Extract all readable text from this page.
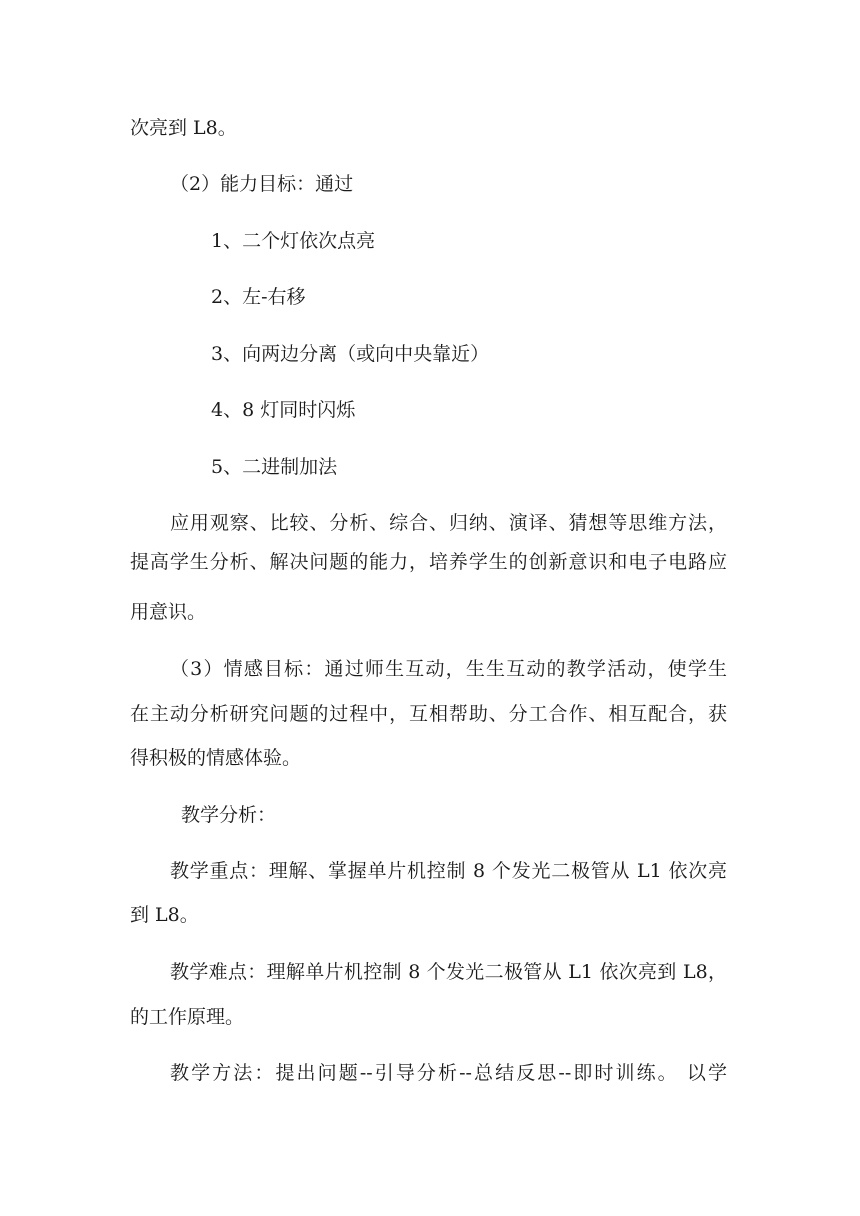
次亮到 L8。
（2）能力目标：通过
1、二个灯依次点亮
2、左-右移
3、向两边分离（或向中央靠近）
4、8 灯同时闪烁
5、二进制加法
应用观察、比较、分析、综合、归纳、演译、猜想等思维方法，
提高学生分析、解决问题的能力，培养学生的创新意识和电子电路应
用意识。
（3）情感目标：通过师生互动，生生互动的教学活动，使学生
在主动分析研究问题的过程中，互相帮助、分工合作、相互配合，获
得积极的情感体验。
教学分析：
教学重点：理解、掌握单片机控制 8 个发光二极管从 L1 依次亮
到 L8。
教学难点：理解单片机控制 8 个发光二极管从 L1 依次亮到 L8，
的工作原理。
教学方法：提出问题--引导分析--总结反思--即时训练。 以学
